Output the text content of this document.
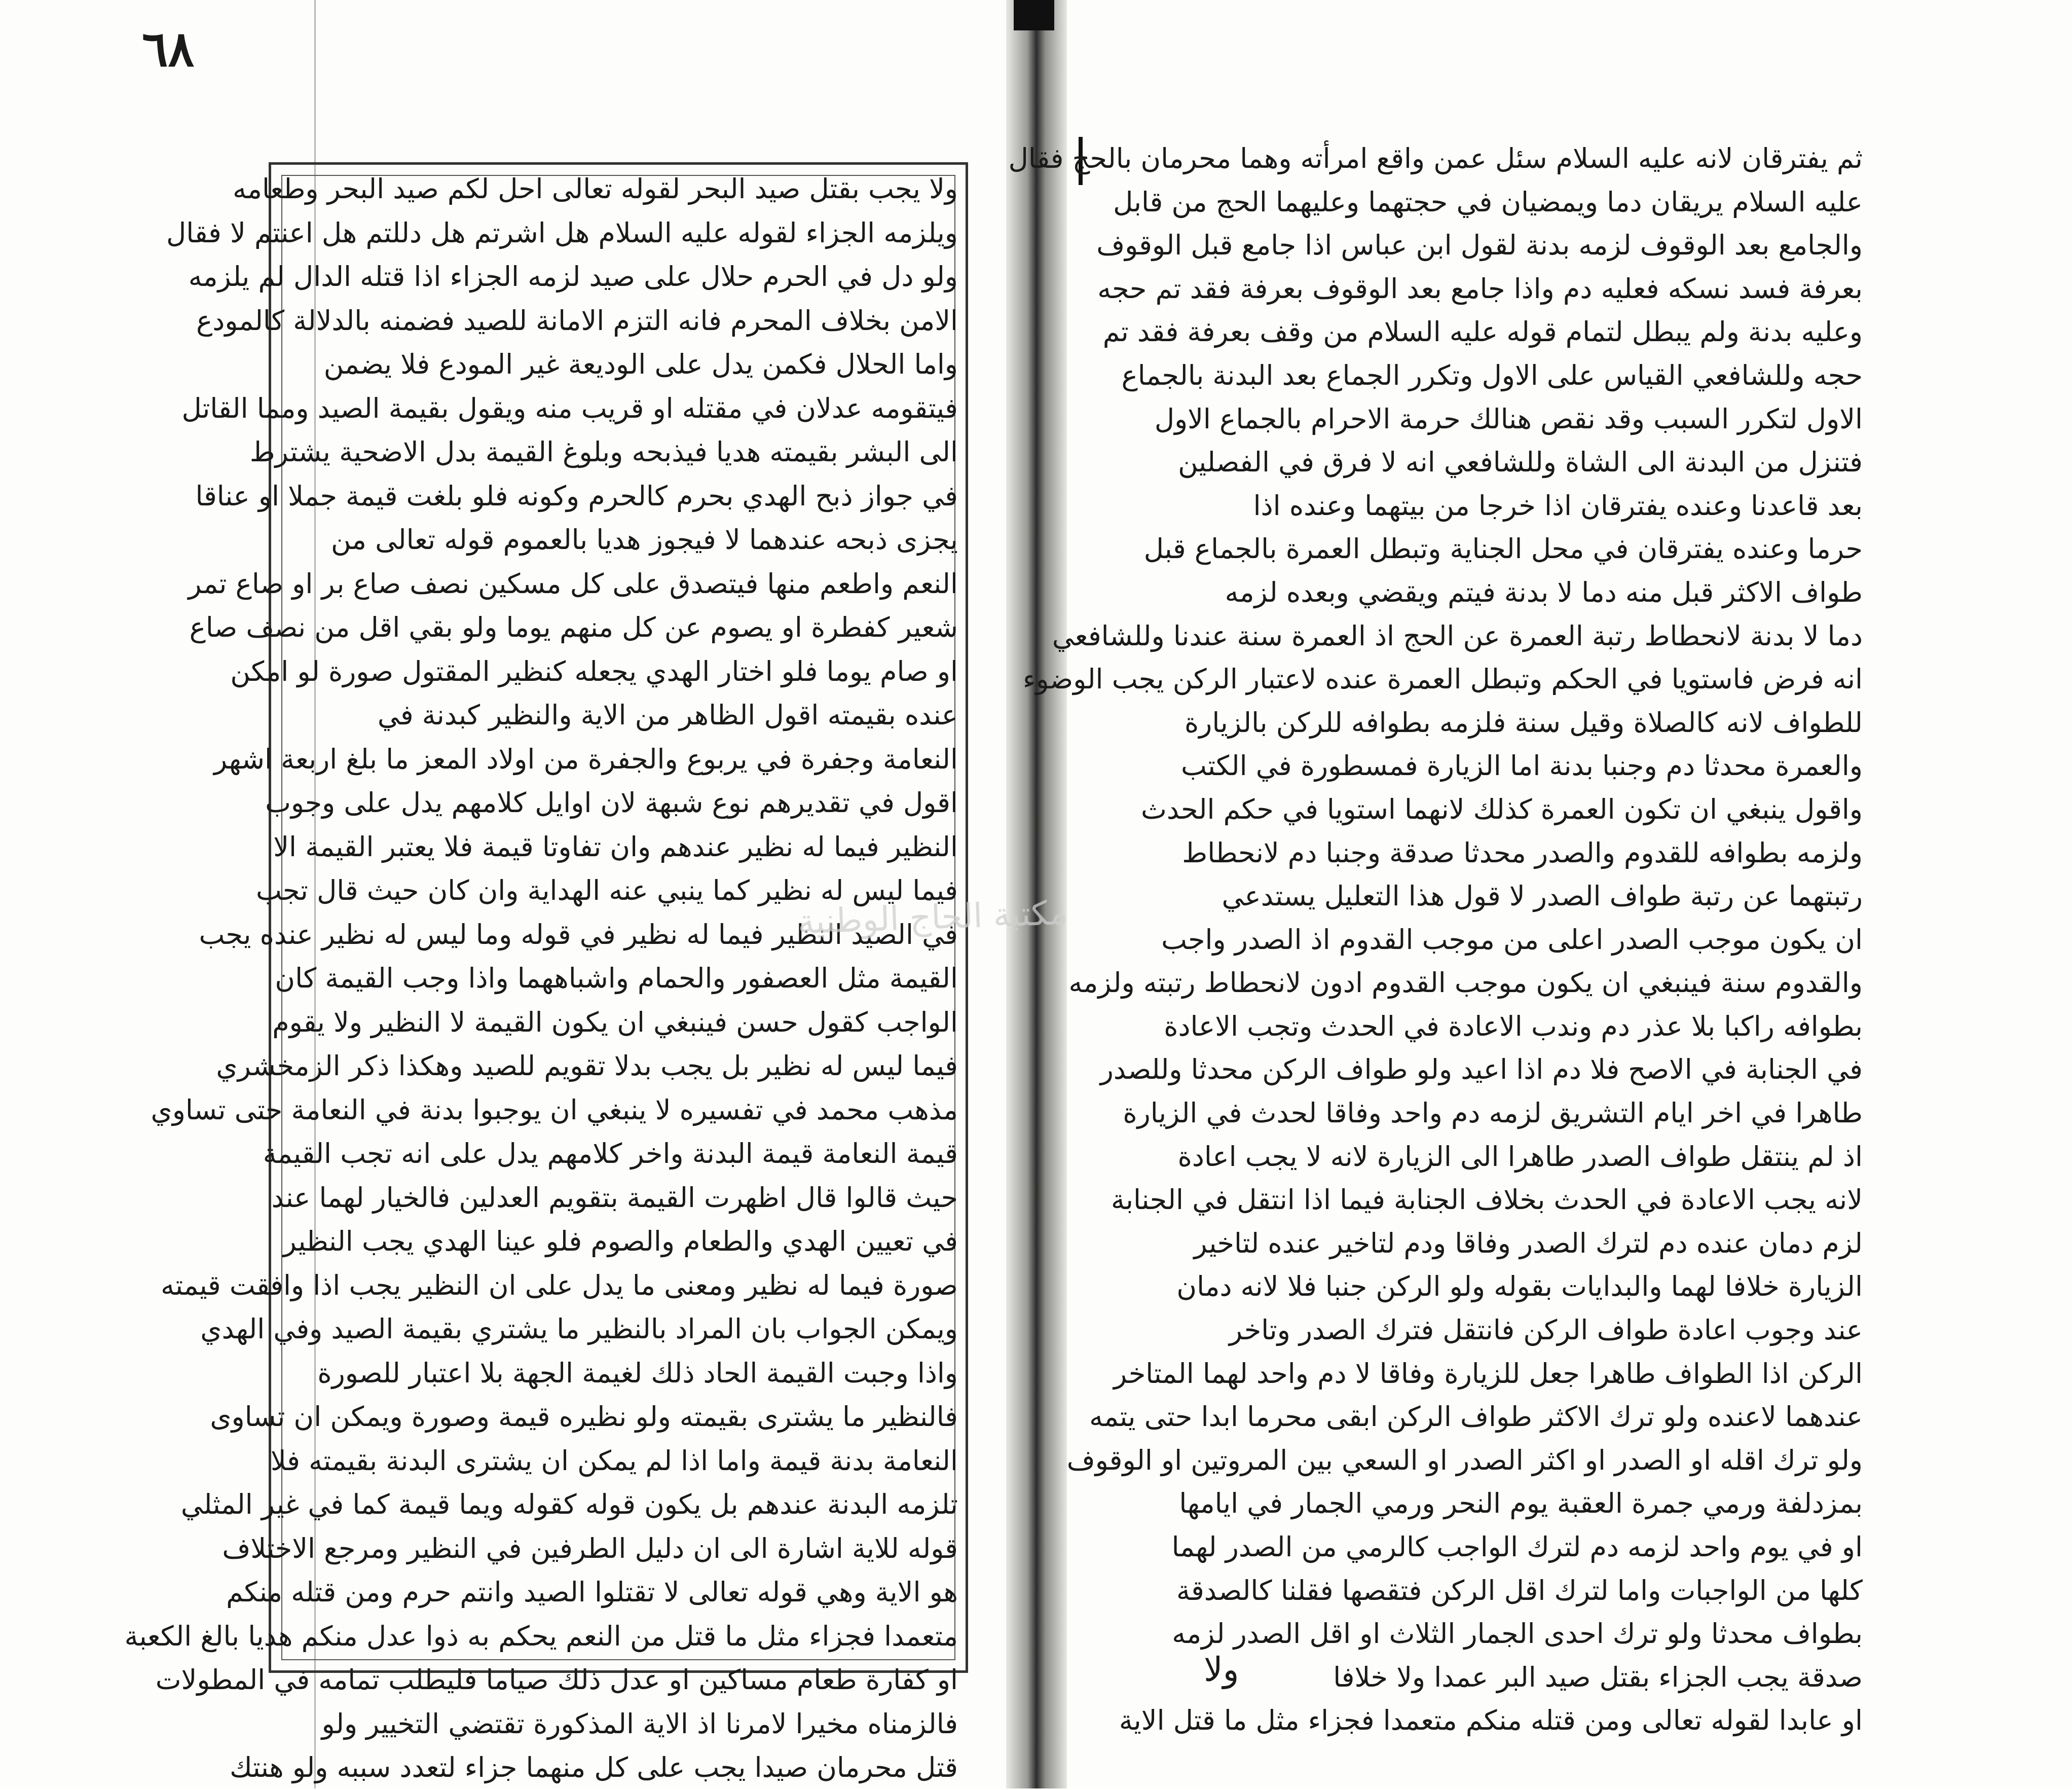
٦٨
ولا يجب بقتل صيد البحر لقوله تعالى احل لكم صيد البحر وطعامه
ويلزمه الجزاء لقوله عليه السلام هل اشرتم هل دللتم هل اعنتم لا فقال
ولو دل في الحرم حلال على صيد لزمه الجزاء اذا قتله الدال لم يلزمه
الامن بخلاف المحرم فانه التزم الامانة للصيد فضمنه بالدلالة كالمودع
واما الحلال فكمن يدل على الوديعة غير المودع فلا يضمن
فيتقومه عدلان في مقتله او قريب منه ويقول بقيمة الصيد ومما القاتل
الى البشر بقيمته هديا فيذبحه وبلوغ القيمة بدل الاضحية يشترط
في جواز ذبح الهدي بحرم كالحرم وكونه فلو بلغت قيمة جملا او عناقا
يجزى ذبحه عندهما لا فيجوز هديا بالعموم قوله تعالى من
النعم واطعم منها فيتصدق على كل مسكين نصف صاع بر او صاع تمر
شعير كفطرة او يصوم عن كل منهم يوما ولو بقي اقل من نصف صاع
او صام يوما فلو اختار الهدي يجعله كنظير المقتول صورة لو امكن
عنده بقيمته اقول الظاهر من الاية والنظير كبدنة في
النعامة وجفرة في يربوع والجفرة من اولاد المعز ما بلغ اربعة اشهر
اقول في تقديرهم نوع شبهة لان اوايل كلامهم يدل على وجوب
النظير فيما له نظير عندهم وان تفاوتا قيمة فلا يعتبر القيمة الا
فيما ليس له نظير كما ينبي عنه الهداية وان كان حيث قال تجب
في الصيد النظير فيما له نظير في قوله وما ليس له نظير عنده يجب
القيمة مثل العصفور والحمام واشباههما واذا وجب القيمة كان
الواجب كقول حسن فينبغي ان يكون القيمة لا النظير ولا يقوم
فيما ليس له نظير بل يجب بدلا تقويم للصيد وهكذا ذكر الزمخشري
مذهب محمد في تفسيره لا ينبغي ان يوجبوا بدنة في النعامة حتى تساوي
قيمة النعامة قيمة البدنة واخر كلامهم يدل على انه تجب القيمة
حيث قالوا قال اظهرت القيمة بتقويم العدلين فالخيار لهما عند
في تعيين الهدي والطعام والصوم فلو عينا الهدي يجب النظير
صورة فيما له نظير ومعنى ما يدل على ان النظير يجب اذا وافقت قيمته
ويمكن الجواب بان المراد بالنظير ما يشتري بقيمة الصيد وفي الهدي
واذا وجبت القيمة الحاد ذلك لغيمة الجهة بلا اعتبار للصورة
فالنظير ما يشترى بقيمته ولو نظيره قيمة وصورة ويمكن ان تساوى
النعامة بدنة قيمة واما اذا لم يمكن ان يشترى البدنة بقيمته فلا
تلزمه البدنة عندهم بل يكون قوله كقوله ويما قيمة كما في غير المثلي
قوله للاية اشارة الى ان دليل الطرفين في النظير ومرجع الاختلاف
هو الاية وهي قوله تعالى لا تقتلوا الصيد وانتم حرم ومن قتله منكم
متعمدا فجزاء مثل ما قتل من النعم يحكم به ذوا عدل منكم هديا بالغ الكعبة
او كفارة طعام مساكين او عدل ذلك صياما فليطلب تمامه في المطولات
فالزمناه مخيرا لامرنا اذ الاية المذكورة تقتضي التخيير ولو
قتل محرمان صيدا يجب على كل منهما جزاء لتعدد سببه ولو هنتك
ثم يفترقان لانه عليه السلام سئل عمن واقع امرأته وهما محرمان بالحج فقال
عليه السلام يريقان دما ويمضيان في حجتهما وعليهما الحج من قابل
والجامع بعد الوقوف لزمه بدنة لقول ابن عباس اذا جامع قبل الوقوف
بعرفة فسد نسكه فعليه دم واذا جامع بعد الوقوف بعرفة فقد تم حجه
وعليه بدنة ولم يبطل لتمام قوله عليه السلام من وقف بعرفة فقد تم
حجه وللشافعي القياس على الاول وتكرر الجماع بعد البدنة بالجماع
الاول لتكرر السبب وقد نقص هنالك حرمة الاحرام بالجماع الاول
فتنزل من البدنة الى الشاة وللشافعي انه لا فرق في الفصلين
بعد قاعدنا وعنده يفترقان اذا خرجا من بيتهما وعنده اذا
حرما وعنده يفترقان في محل الجناية وتبطل العمرة بالجماع قبل
طواف الاكثر قبل منه دما لا بدنة فيتم ويقضي وبعده لزمه
دما لا بدنة لانحطاط رتبة العمرة عن الحج اذ العمرة سنة عندنا وللشافعي
انه فرض فاستويا في الحكم وتبطل العمرة عنده لاعتبار الركن يجب الوضوء
للطواف لانه كالصلاة وقيل سنة فلزمه بطوافه للركن بالزيارة
والعمرة محدثا دم وجنبا بدنة اما الزيارة فمسطورة في الكتب
واقول ينبغي ان تكون العمرة كذلك لانهما استويا في حكم الحدث
ولزمه بطوافه للقدوم والصدر محدثا صدقة وجنبا دم لانحطاط
رتبتهما عن رتبة طواف الصدر لا قول هذا التعليل يستدعي
ان يكون موجب الصدر اعلى من موجب القدوم اذ الصدر واجب
والقدوم سنة فينبغي ان يكون موجب القدوم ادون لانحطاط رتبته ولزمه
بطوافه راكبا بلا عذر دم وندب الاعادة في الحدث وتجب الاعادة
في الجنابة في الاصح فلا دم اذا اعيد ولو طواف الركن محدثا وللصدر
طاهرا في اخر ايام التشريق لزمه دم واحد وفاقا لحدث في الزيارة
اذ لم ينتقل طواف الصدر طاهرا الى الزيارة لانه لا يجب اعادة
لانه يجب الاعادة في الحدث بخلاف الجنابة فيما اذا انتقل في الجنابة
لزم دمان عنده دم لترك الصدر وفاقا ودم لتاخير عنده لتاخير
الزيارة خلافا لهما والبدايات بقوله ولو الركن جنبا فلا لانه دمان
عند وجوب اعادة طواف الركن فانتقل فترك الصدر وتاخر
الركن اذا الطواف طاهرا جعل للزيارة وفاقا لا دم واحد لهما المتاخر
عندهما لاعنده ولو ترك الاكثر طواف الركن ابقى محرما ابدا حتى يتمه
ولو ترك اقله او الصدر او اكثر الصدر او السعي بين المروتين او الوقوف
بمزدلفة ورمي جمرة العقبة يوم النحر ورمي الجمار في ايامها
او في يوم واحد لزمه دم لترك الواجب كالرمي من الصدر لهما
كلها من الواجبات واما لترك اقل الركن فتقصها فقلنا كالصدقة
بطواف محدثا ولو ترك احدى الجمار الثلاث او اقل الصدر لزمه
صدقة يجب الجزاء بقتل صيد البر عمدا ولا خلافا
او عابدا لقوله تعالى ومن قتله منكم متعمدا فجزاء مثل ما قتل الاية
مكتبة الحاج الوطنية
ولا
